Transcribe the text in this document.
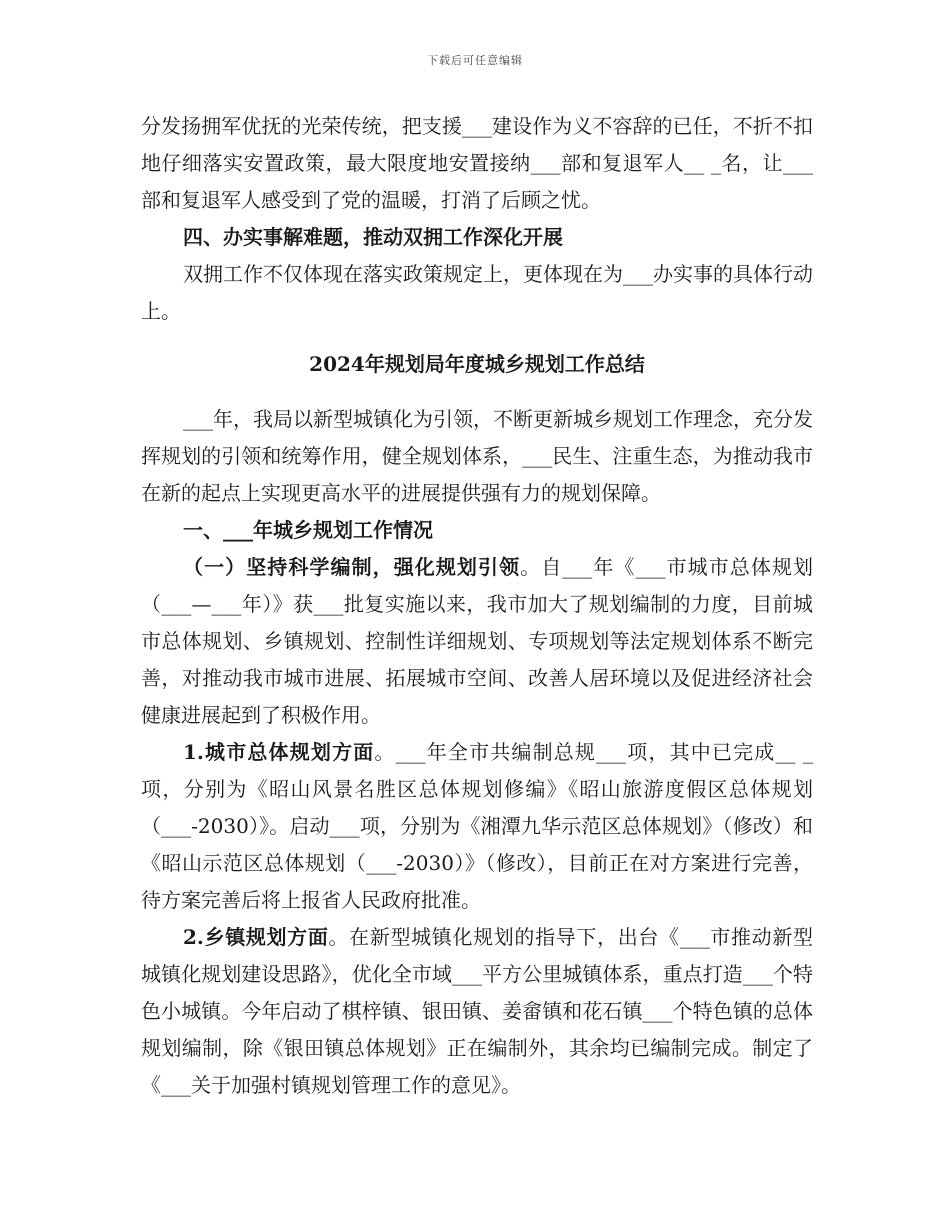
下载后可任意编辑

分发扬拥军优抚的光荣传统，把支援___建设作为义不容辞的已任，不折不扣地仔细落实安置政策，最大限度地安置接纳___部和复退军人__ _名，让___部和复退军人感受到了党的温暖，打消了后顾之忧。

四、办实事解难题，推动双拥工作深化开展

双拥工作不仅体现在落实政策规定上，更体现在为___办实事的具体行动上。

2024年规划局年度城乡规划工作总结

___年，我局以新型城镇化为引领，不断更新城乡规划工作理念，充分发挥规划的引领和统筹作用，健全规划体系，___民生、注重生态，为推动我市在新的起点上实现更高水平的进展提供强有力的规划保障。

一、___年城乡规划工作情况

（一）坚持科学编制，强化规划引领。自___年《___市城市总体规划（___—___年）》获___批复实施以来，我市加大了规划编制的力度，目前城市总体规划、乡镇规划、控制性详细规划、专项规划等法定规划体系不断完善，对推动我市城市进展、拓展城市空间、改善人居环境以及促进经济社会健康进展起到了积极作用。

1.城市总体规划方面。___年全市共编制总规___项，其中已完成__ _项，分别为《昭山风景名胜区总体规划修编》《昭山旅游度假区总体规划（___-2030）》。启动___项，分别为《湘潭九华示范区总体规划》（修改）和《昭山示范区总体规划（___-2030）》（修改），目前正在对方案进行完善，待方案完善后将上报省人民政府批准。

2.乡镇规划方面。在新型城镇化规划的指导下，出台《___市推动新型城镇化规划建设思路》，优化全市域___平方公里城镇体系，重点打造___个特色小城镇。今年启动了棋梓镇、银田镇、姜畲镇和花石镇___个特色镇的总体规划编制，除《银田镇总体规划》正在编制外，其余均已编制完成。制定了《___关于加强村镇规划管理工作的意见》。
